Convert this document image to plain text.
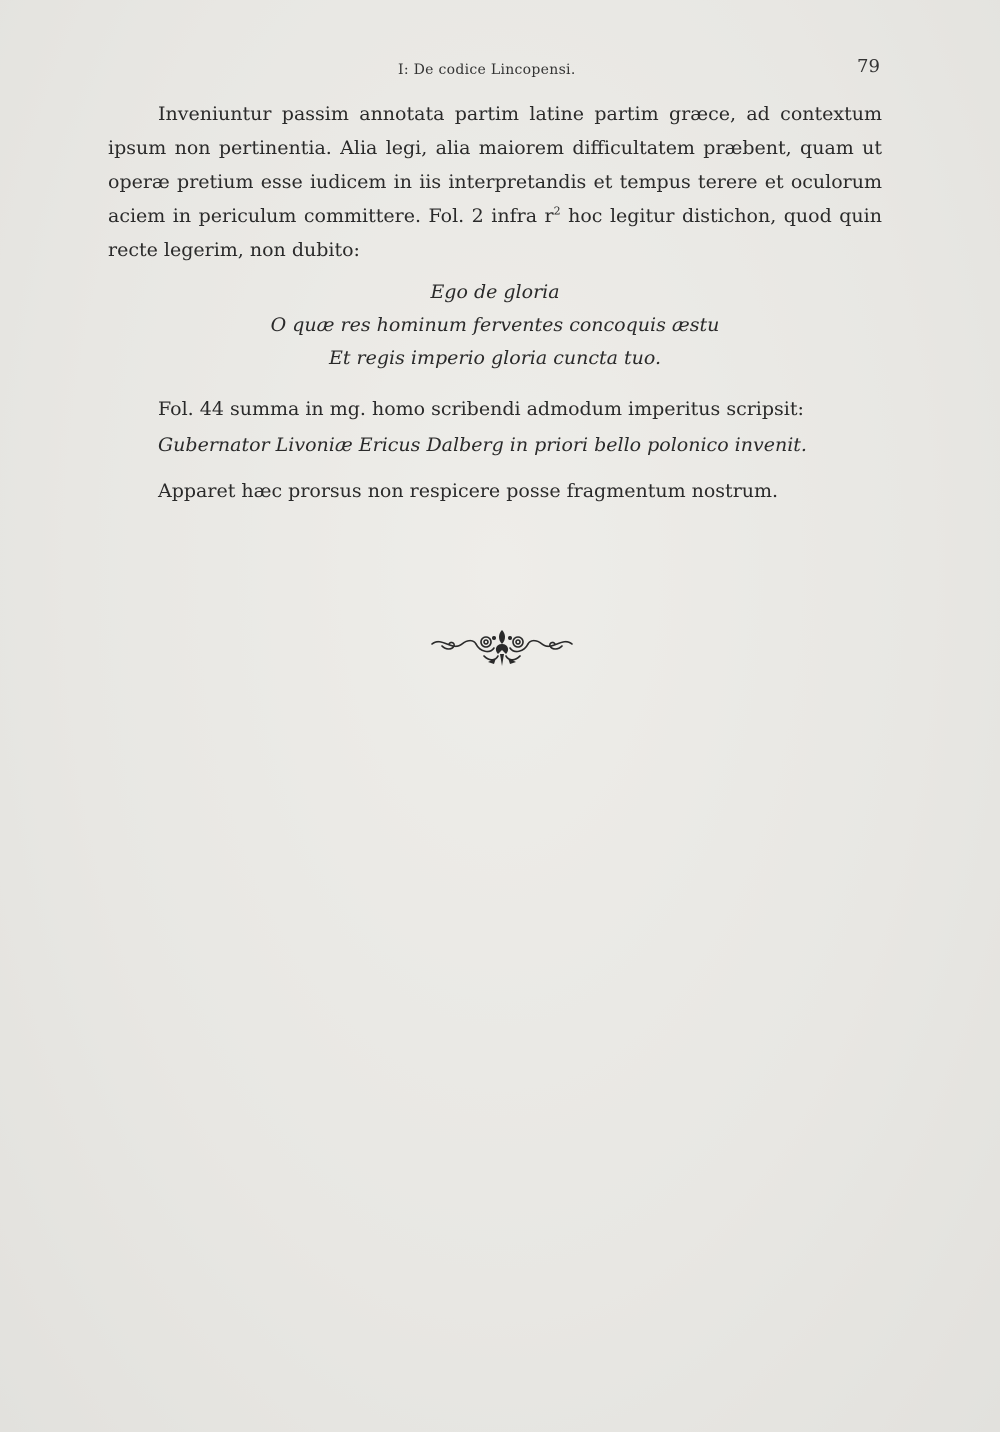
I: De codice Lincopensi.	79
Inveniuntur passim annotata partim latine partim græce, ad contextum ipsum non pertinentia. Alia legi, alia maiorem difficultatem præbent, quam ut operæ pretium esse iudicem in iis interpretandis et tempus terere et oculorum aciem in periculum committere. Fol. 2 infra $r^2$ hoc legitur distichon, quod quin recte legerim, non dubito:
Ego de gloria
O quæ res hominum ferventes concoquis æstu
Et regis imperio gloria cuncta tuo.
Fol. 44 summa in mg. homo scribendi admodum imperitus scripsit:
Gubernator Livoniæ Ericus Dalberg in priori bello polonico invenit.
Apparet hæc prorsus non respicere posse fragmentum nostrum.
